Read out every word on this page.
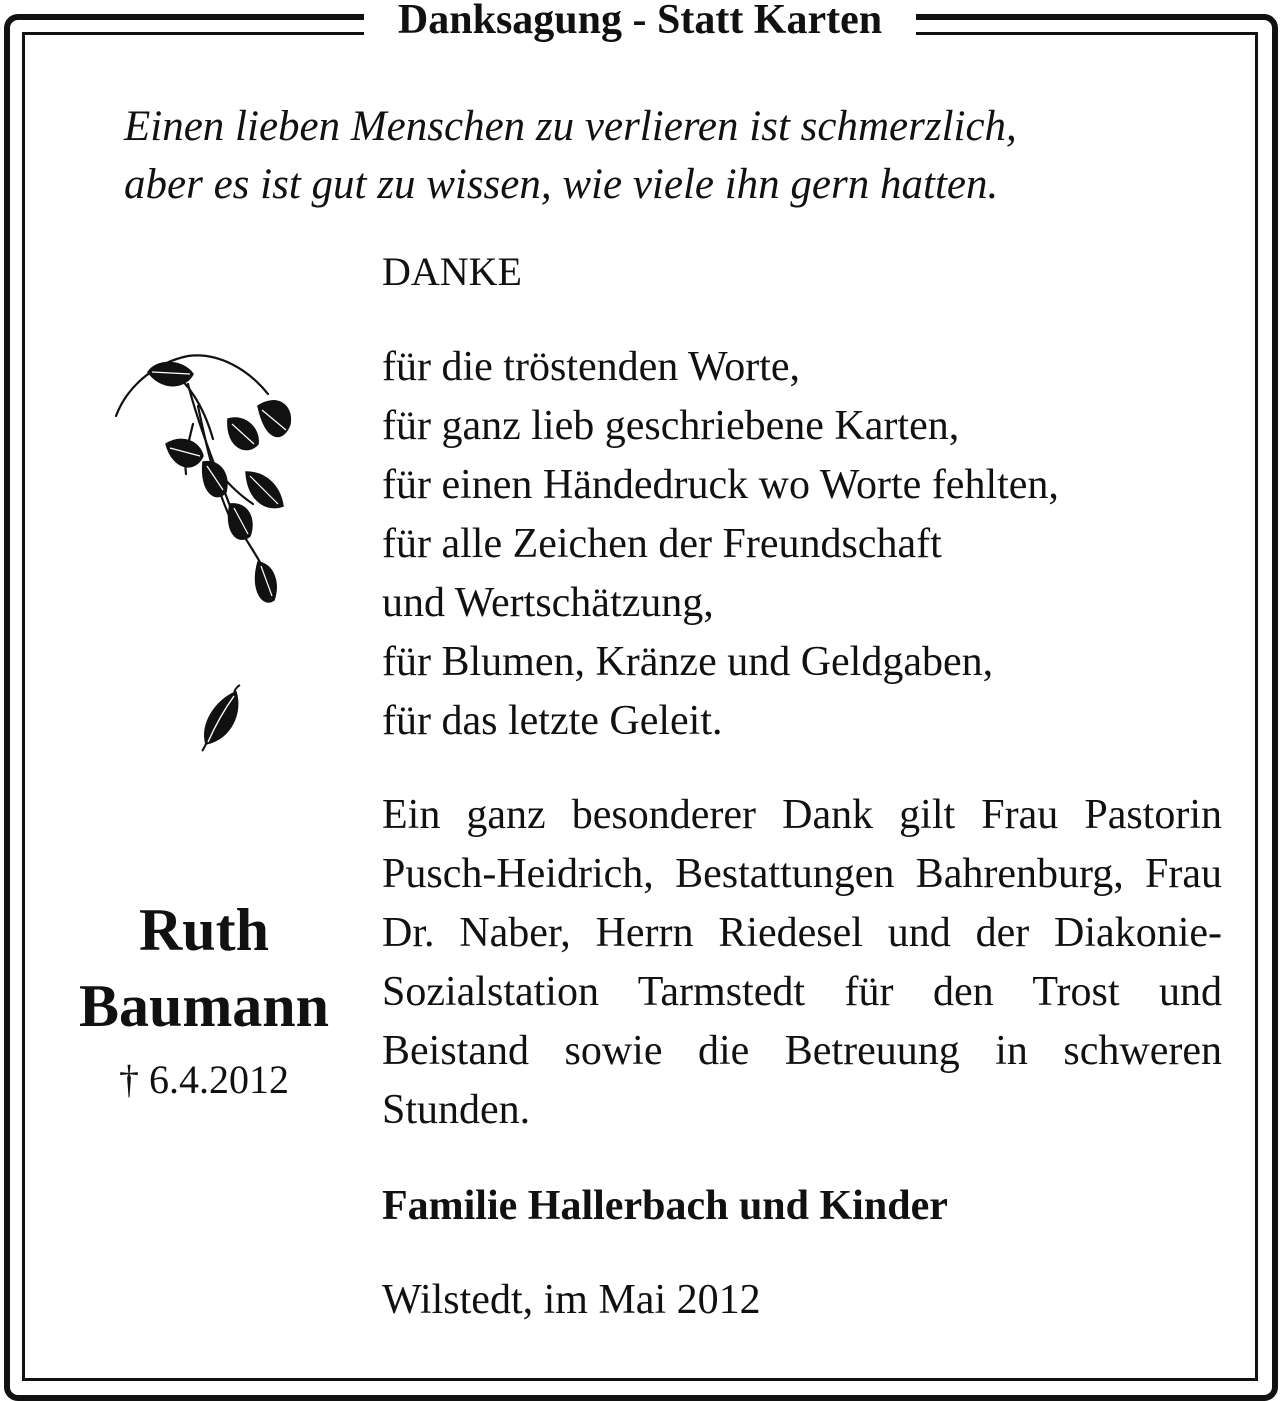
Danksagung - Statt Karten
Einen lieben Menschen zu verlieren ist schmerzlich,
aber es ist gut zu wissen, wie viele ihn gern hatten.
DANKE
für die tröstenden Worte,
für ganz lieb geschriebene Karten,
für einen Händedruck wo Worte fehlten,
für alle Zeichen der Freundschaft
und Wertschätzung,
für Blumen, Kränze und Geldgaben,
für das letzte Geleit.

Ein ganz besonderer Dank gilt Frau Pastorin Pusch-Heidrich, Bestattungen Bahrenburg, Frau Dr. Naber, Herrn Riedesel und der Diakonie-Sozialstation Tarmstedt für den Trost und Beistand sowie die Betreuung in schweren Stunden.

Familie Hallerbach und Kinder
Wilstedt, im Mai 2012
Ruth
Baumann
† 6.4.2012
